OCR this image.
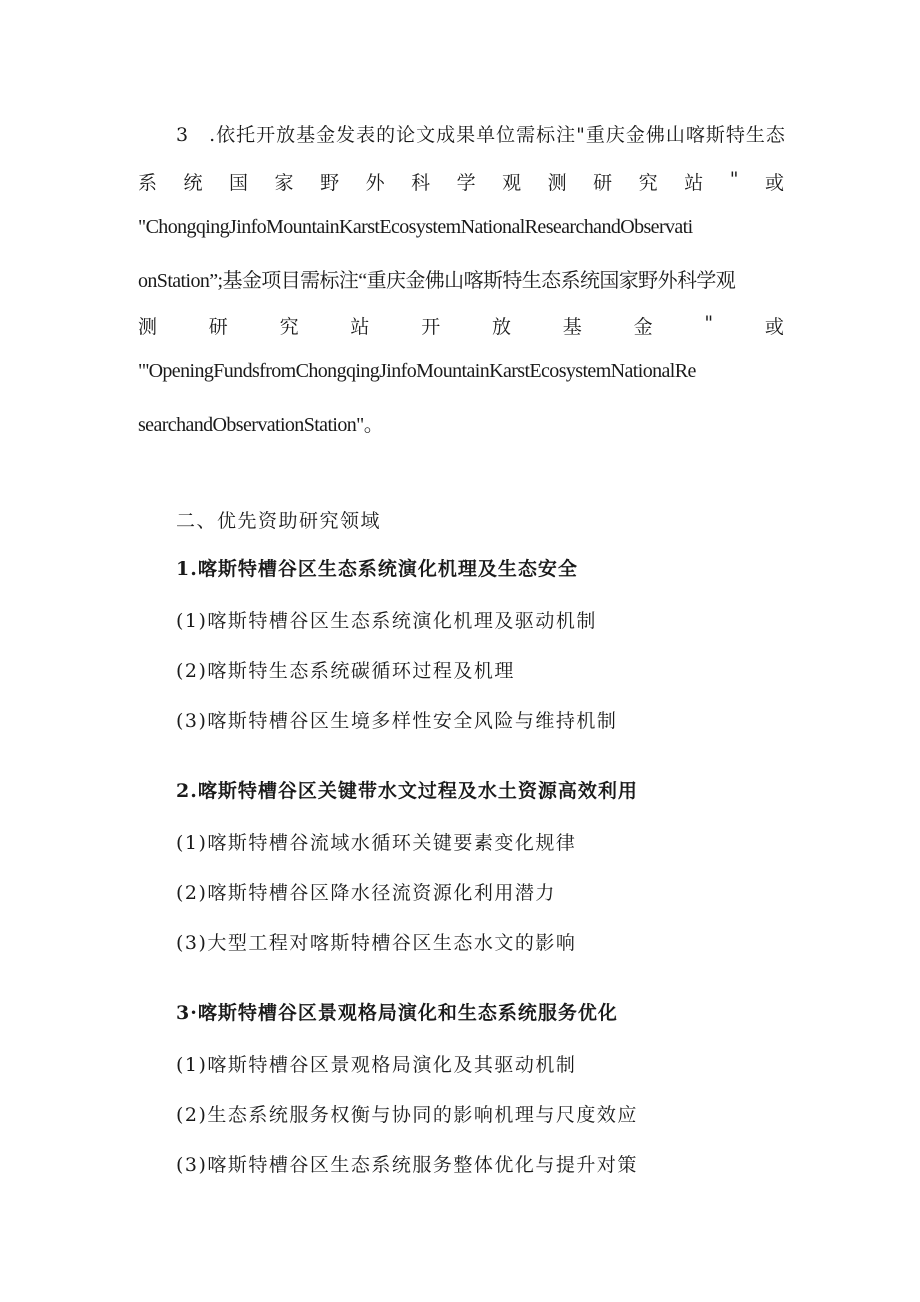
3　.依托开放基金发表的论文成果单位需标注"重庆金佛山喀斯特生态
系 统 国 家 野 外 科 学 观 测 研 究 站 " 或
"ChongqingJinfoMountainKarstEcosystemNationalResearchandObservati
onStation”;基金项目需标注“重庆金佛山喀斯特生态系统国家野外科学观
测	研	究	站	开	放	基	金	"	或
"'OpeningFundsfromChongqingJinfoMountainKarstEcosystemNationalRe
searchandObservationStation"。
二、优先资助研究领域
1.喀斯特槽谷区生态系统演化机理及生态安全
(1)喀斯特槽谷区生态系统演化机理及驱动机制
(2)喀斯特生态系统碳循环过程及机理
(3)喀斯特槽谷区生境多样性安全风险与维持机制
2.喀斯特槽谷区关键带水文过程及水土资源高效利用
(1)喀斯特槽谷流域水循环关键要素变化规律
(2)喀斯特槽谷区降水径流资源化利用潜力
(3)大型工程对喀斯特槽谷区生态水文的影响
3·喀斯特槽谷区景观格局演化和生态系统服务优化
(1)喀斯特槽谷区景观格局演化及其驱动机制
(2)生态系统服务权衡与协同的影响机理与尺度效应
(3)喀斯特槽谷区生态系统服务整体优化与提升对策
